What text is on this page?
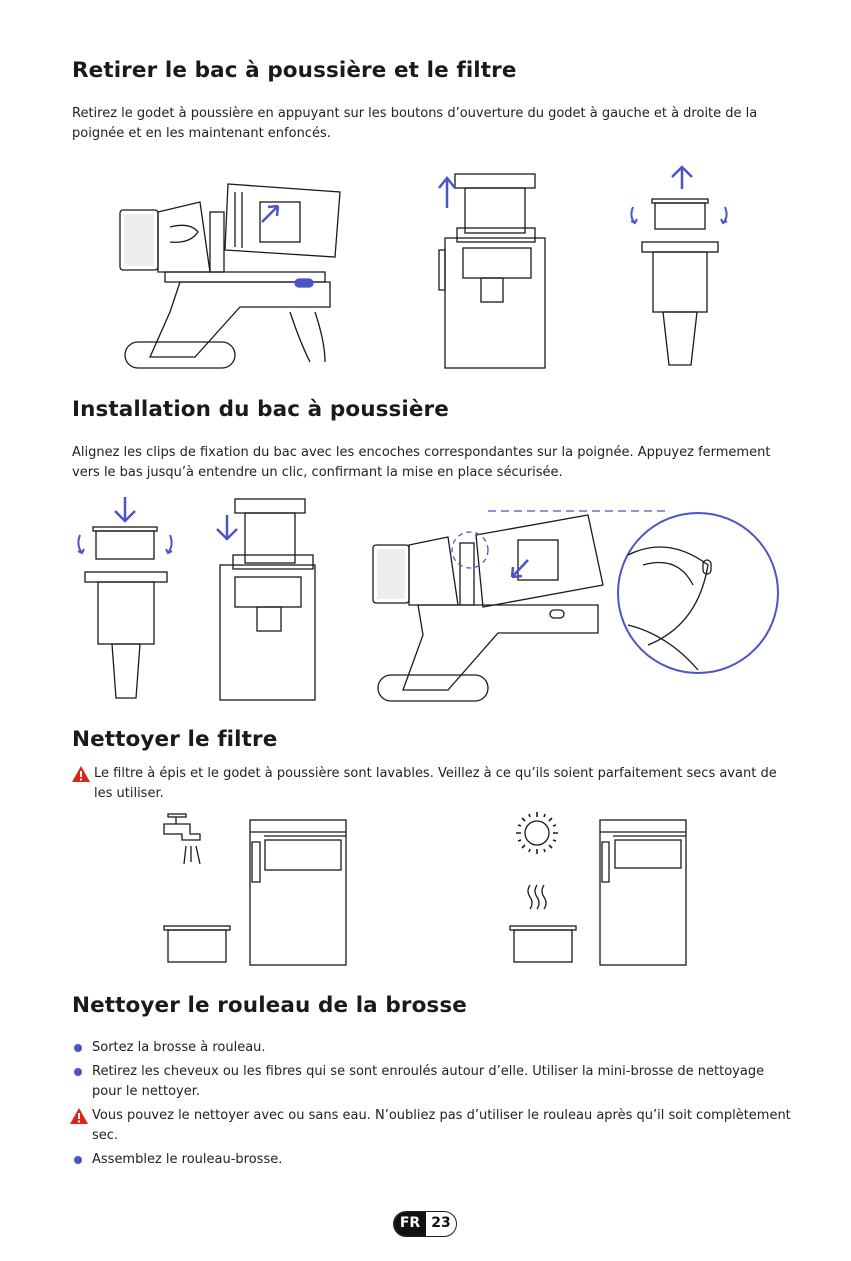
Retirer le bac à poussière et le filtre

Retirez le godet à poussière en appuyant sur les boutons d’ouverture du godet à gauche et à droite de la poignée et en les maintenant enfoncés.

Installation du bac à poussière

Alignez les clips de fixation du bac avec les encoches correspondantes sur la poignée. Appuyez fermement vers le bas jusqu’à entendre un clic, confirmant la mise en place sécurisée.

Nettoyer le filtre
Le filtre à épis et le godet à poussière sont lavables. Veillez à ce qu’ils soient parfaitement secs avant de les utiliser.
Nettoyer le rouleau de la brosse
Sortez la brosse à rouleau.
Retirez les cheveux ou les fibres qui se sont enroulés autour d’elle. Utiliser la mini-brosse de nettoyage pour le nettoyer.
Vous pouvez le nettoyer avec ou sans eau. N’oubliez pas d’utiliser le rouleau après qu’il soit complètement sec.
Assemblez le rouleau-brosse.
FR 23
